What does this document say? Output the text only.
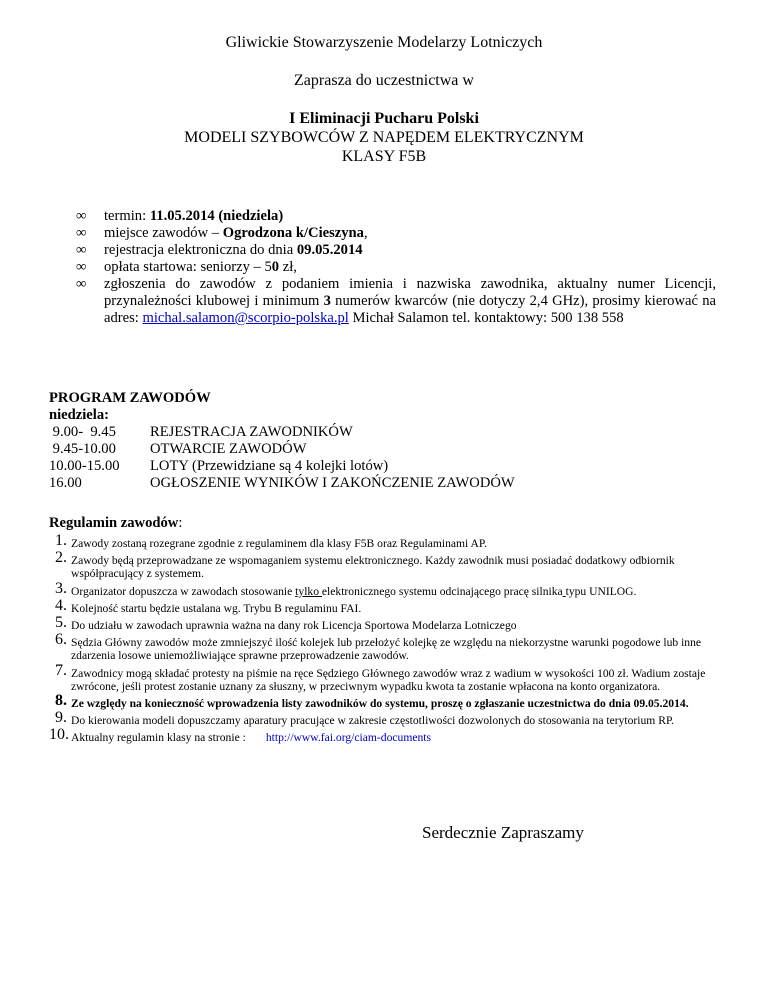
Gliwickie Stowarzyszenie Modelarzy Lotniczych
Zaprasza do uczestnictwa w
I Eliminacji Pucharu Polski
MODELI SZYBOWCÓW Z NAPĘDEM ELEKTRYCZNYM
KLASY F5B
∞	termin: 11.05.2014 (niedziela)
∞	miejsce zawodów – Ogrodzona k/Cieszyna,
∞	rejestracja elektroniczna do dnia 09.05.2014
∞	opłata startowa: seniorzy – 50 zł,
∞	zgłoszenia do zawodów z podaniem imienia i nazwiska zawodnika, aktualny numer Licencji, przynależności klubowej i minimum 3 numerów kwarców (nie dotyczy 2,4 GHz), prosimy kierować na adres: michal.salamon@scorpio-polska.pl Michał Salamon tel. kontaktowy: 500 138 558
PROGRAM ZAWODÓW
niedziela:
9.00-  9.45	REJESTRACJA ZAWODNIKÓW
9.45-10.00	OTWARCIE ZAWODÓW
10.00-15.00	LOTY (Przewidziane są 4 kolejki lotów)
16.00	OGŁOSZENIE WYNIKÓW I ZAKOŃCZENIE ZAWODÓW
Regulamin zawodów:
1. Zawody zostaną rozegrane zgodnie z regulaminem dla klasy F5B oraz Regulaminami AP.
2. Zawody będą przeprowadzane ze wspomaganiem systemu elektronicznego. Każdy zawodnik musi posiadać dodatkowy odbiornik współpracujący z systemem.
3. Organizator dopuszcza w zawodach stosowanie tylko elektronicznego systemu odcinającego pracę silnika typu UNILOG.
4. Kolejność startu będzie ustalana wg. Trybu B regulaminu FAI.
5. Do udziału w zawodach uprawnia ważna na dany rok Licencja Sportowa Modelarza Lotniczego
6. Sędzia Główny zawodów może zmniejszyć ilość kolejek lub przełożyć kolejkę ze względu na niekorzystne warunki pogodowe lub inne zdarzenia losowe uniemożliwiające sprawne przeprowadzenie zawodów.
7. Zawodnicy mogą składać protesty na piśmie na ręce Sędziego Głównego zawodów wraz z wadium w wysokości 100 zł. Wadium zostaje zwrócone, jeśli protest zostanie uznany za słuszny, w przeciwnym wypadku kwota ta zostanie wpłacona na konto organizatora.
8. Ze względy na konieczność wprowadzenia listy zawodników do systemu, proszę o zgłaszanie uczestnictwa do dnia 09.05.2014.
9. Do kierowania modeli dopuszczamy aparatury pracujące w zakresie częstotliwości dozwolonych do stosowania na terytorium RP.
10. Aktualny regulamin klasy na stronie : http://www.fai.org/ciam-documents
Serdecznie Zapraszamy
